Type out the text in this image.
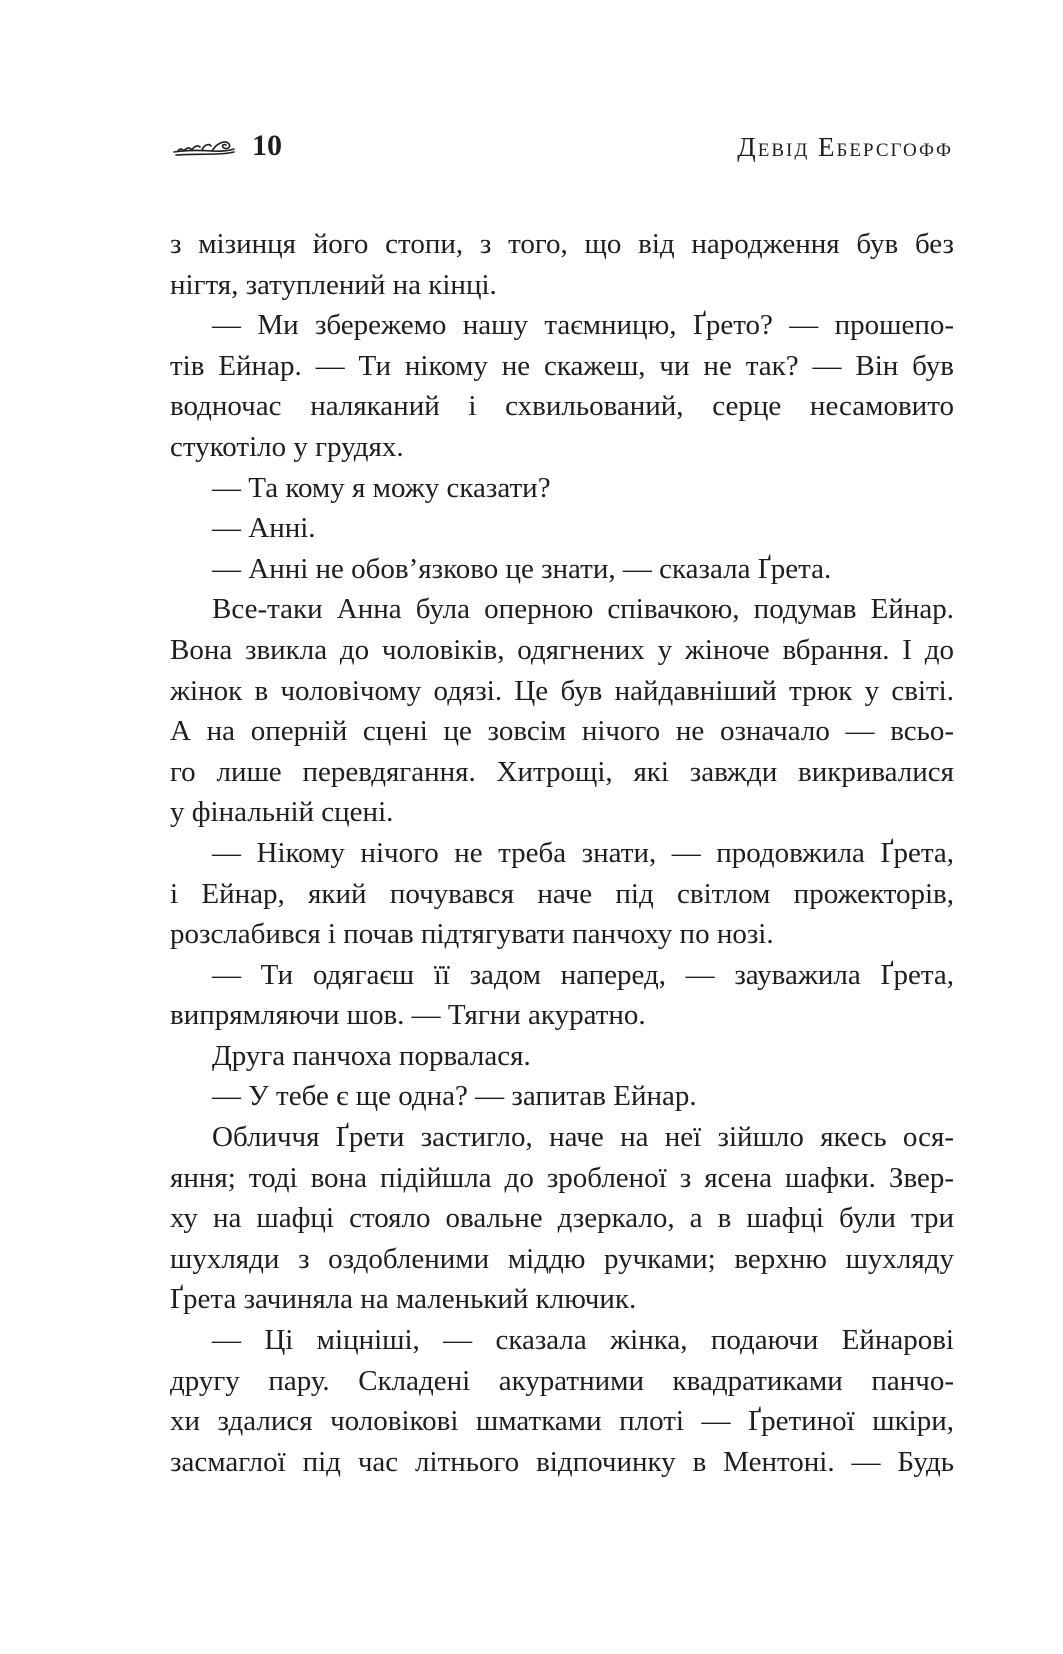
10	Девід Еберсгофф
з мізинця його стопи, з того, що від народження був без
нігтя, затуплений на кінці.
— Ми збережемо нашу таємницю, Ґрето? — прошепо-
тів Ейнар. — Ти нікому не скажеш, чи не так? — Він був
водночас наляканий і схвильований, серце несамовито
стукотіло у грудях.
— Та кому я можу сказати?
— Анні.
— Анні не обов’язково це знати, — сказала Ґрета.
Все-таки Анна була оперною співачкою, подумав Ейнар.
Вона звикла до чоловіків, одягнених у жіноче вбрання. І до
жінок в чоловічому одязі. Це був найдавніший трюк у світі.
А на оперній сцені це зовсім нічого не означало — всьо-
го лише перевдягання. Хитрощі, які завжди викривалися
у фінальній сцені.
— Нікому нічого не треба знати, — продовжила Ґрета,
і Ейнар, який почувався наче під світлом прожекторів,
розслабився і почав підтягувати панчоху по нозі.
— Ти одягаєш її задом наперед, — зауважила Ґрета,
випрямляючи шов. — Тягни акуратно.
Друга панчоха порвалася.
— У тебе є ще одна? — запитав Ейнар.
Обличчя Ґрети застигло, наче на неї зійшло якесь ося-
яння; тоді вона підійшла до зробленої з ясена шафки. Звер-
ху на шафці стояло овальне дзеркало, а в шафці були три
шухляди з оздобленими міддю ручками; верхню шухляду
Ґрета зачиняла на маленький ключик.
— Ці міцніші, — сказала жінка, подаючи Ейнарові
другу пару. Складені акуратними квадратиками панчо-
хи здалися чоловікові шматками плоті — Ґретиної шкіри,
засмаглої під час літнього відпочинку в Ментоні. — Будь
